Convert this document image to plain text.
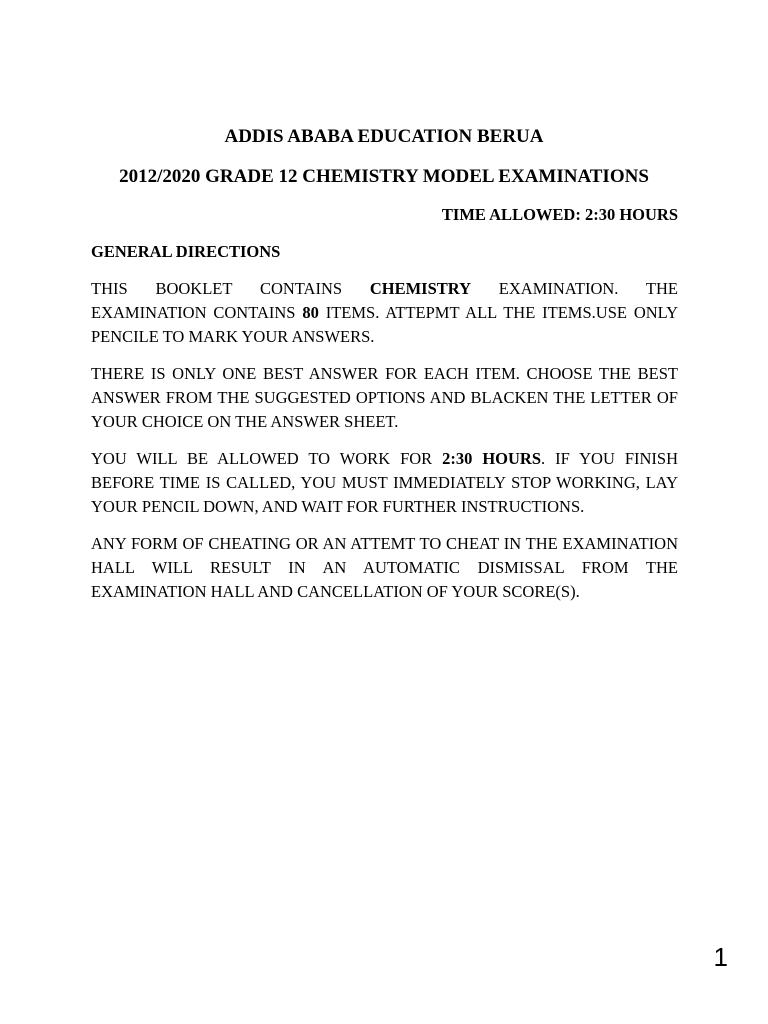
ADDIS ABABA EDUCATION BERUA
2012/2020 GRADE 12 CHEMISTRY MODEL EXAMINATIONS
TIME ALLOWED: 2:30 HOURS
GENERAL DIRECTIONS
THIS BOOKLET CONTAINS CHEMISTRY EXAMINATION. THE EXAMINATION CONTAINS 80 ITEMS. ATTEPMT ALL THE ITEMS.USE ONLY PENCILE TO MARK YOUR ANSWERS.
THERE IS ONLY ONE BEST ANSWER FOR EACH ITEM. CHOOSE THE BEST ANSWER FROM THE SUGGESTED OPTIONS AND BLACKEN THE LETTER OF YOUR CHOICE ON THE ANSWER SHEET.
YOU WILL BE ALLOWED TO WORK FOR 2:30 HOURS. IF YOU FINISH BEFORE TIME IS CALLED, YOU MUST IMMEDIATELY STOP WORKING, LAY YOUR PENCIL DOWN, AND WAIT FOR FURTHER INSTRUCTIONS.
ANY FORM OF CHEATING OR AN ATTEMT TO CHEAT IN THE EXAMINATION HALL WILL RESULT IN AN AUTOMATIC DISMISSAL FROM THE EXAMINATION HALL AND CANCELLATION OF YOUR SCORE(S).
1
